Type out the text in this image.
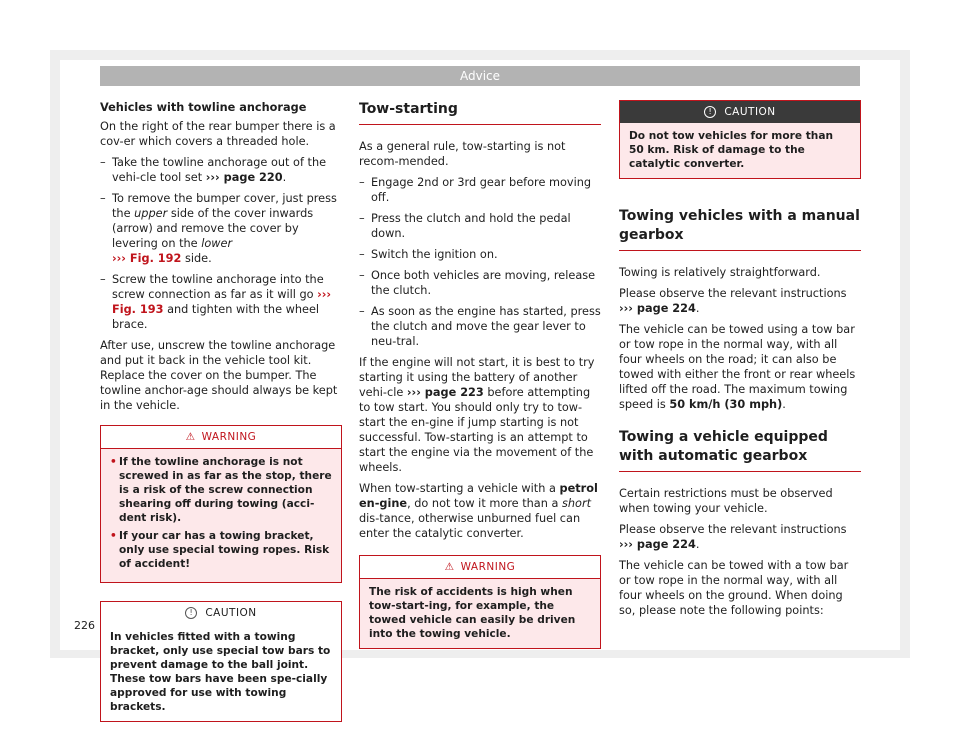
Advice

Vehicles with towline anchorage

On the right of the rear bumper there is a cov-er which covers a threaded hole.

– Take the towline anchorage out of the vehi-cle tool set ››› page 220.
– To remove the bumper cover, just press the upper side of the cover inwards (arrow) and remove the cover by levering on the lower
››› Fig. 192 side.
– Screw the towline anchorage into the screw connection as far as it will go ››› Fig. 193 and tighten with the wheel brace.

After use, unscrew the towline anchorage and put it back in the vehicle tool kit. Replace the cover on the bumper. The towline anchor-age should always be kept in the vehicle.

⚠ WARNING
• If the towline anchorage is not screwed in as far as the stop, there is a risk of the screw connection shearing off during towing (acci-dent risk).
• If your car has a towing bracket, only use special towing ropes. Risk of accident!
! CAUTION
In vehicles fitted with a towing bracket, only use special tow bars to prevent damage to the ball joint. These tow bars have been spe-cially approved for use with towing brackets.
Tow-starting

As a general rule, tow-starting is not recom-mended.

– Engage 2nd or 3rd gear before moving off.
– Press the clutch and hold the pedal down.
– Switch the ignition on.
– Once both vehicles are moving, release the clutch.
– As soon as the engine has started, press the clutch and move the gear lever to neu-tral.

If the engine will not start, it is best to try starting it using the battery of another vehi-cle ››› page 223 before attempting to tow start. You should only try to tow-start the en-gine if jump starting is not successful. Tow-starting is an attempt to start the engine via the movement of the wheels.

When tow-starting a vehicle with a petrol en-gine, do not tow it more than a short dis-tance, otherwise unburned fuel can enter the catalytic converter.

⚠ WARNING
The risk of accidents is high when tow-start-ing, for example, the towed vehicle can easily be driven into the towing vehicle.
! CAUTION
Do not tow vehicles for more than 50 km. Risk of damage to the catalytic converter.
Towing vehicles with a manual gearbox

Towing is relatively straightforward.

Please observe the relevant instructions
››› page 224.

The vehicle can be towed using a tow bar or tow rope in the normal way, with all four wheels on the road; it can also be towed with either the front or rear wheels lifted off the road. The maximum towing speed is 50 km/h (30 mph).

Towing a vehicle equipped with automatic gearbox

Certain restrictions must be observed when towing your vehicle.

Please observe the relevant instructions
››› page 224.

The vehicle can be towed with a tow bar or tow rope in the normal way, with all four wheels on the ground. When doing so, please note the following points:

226
